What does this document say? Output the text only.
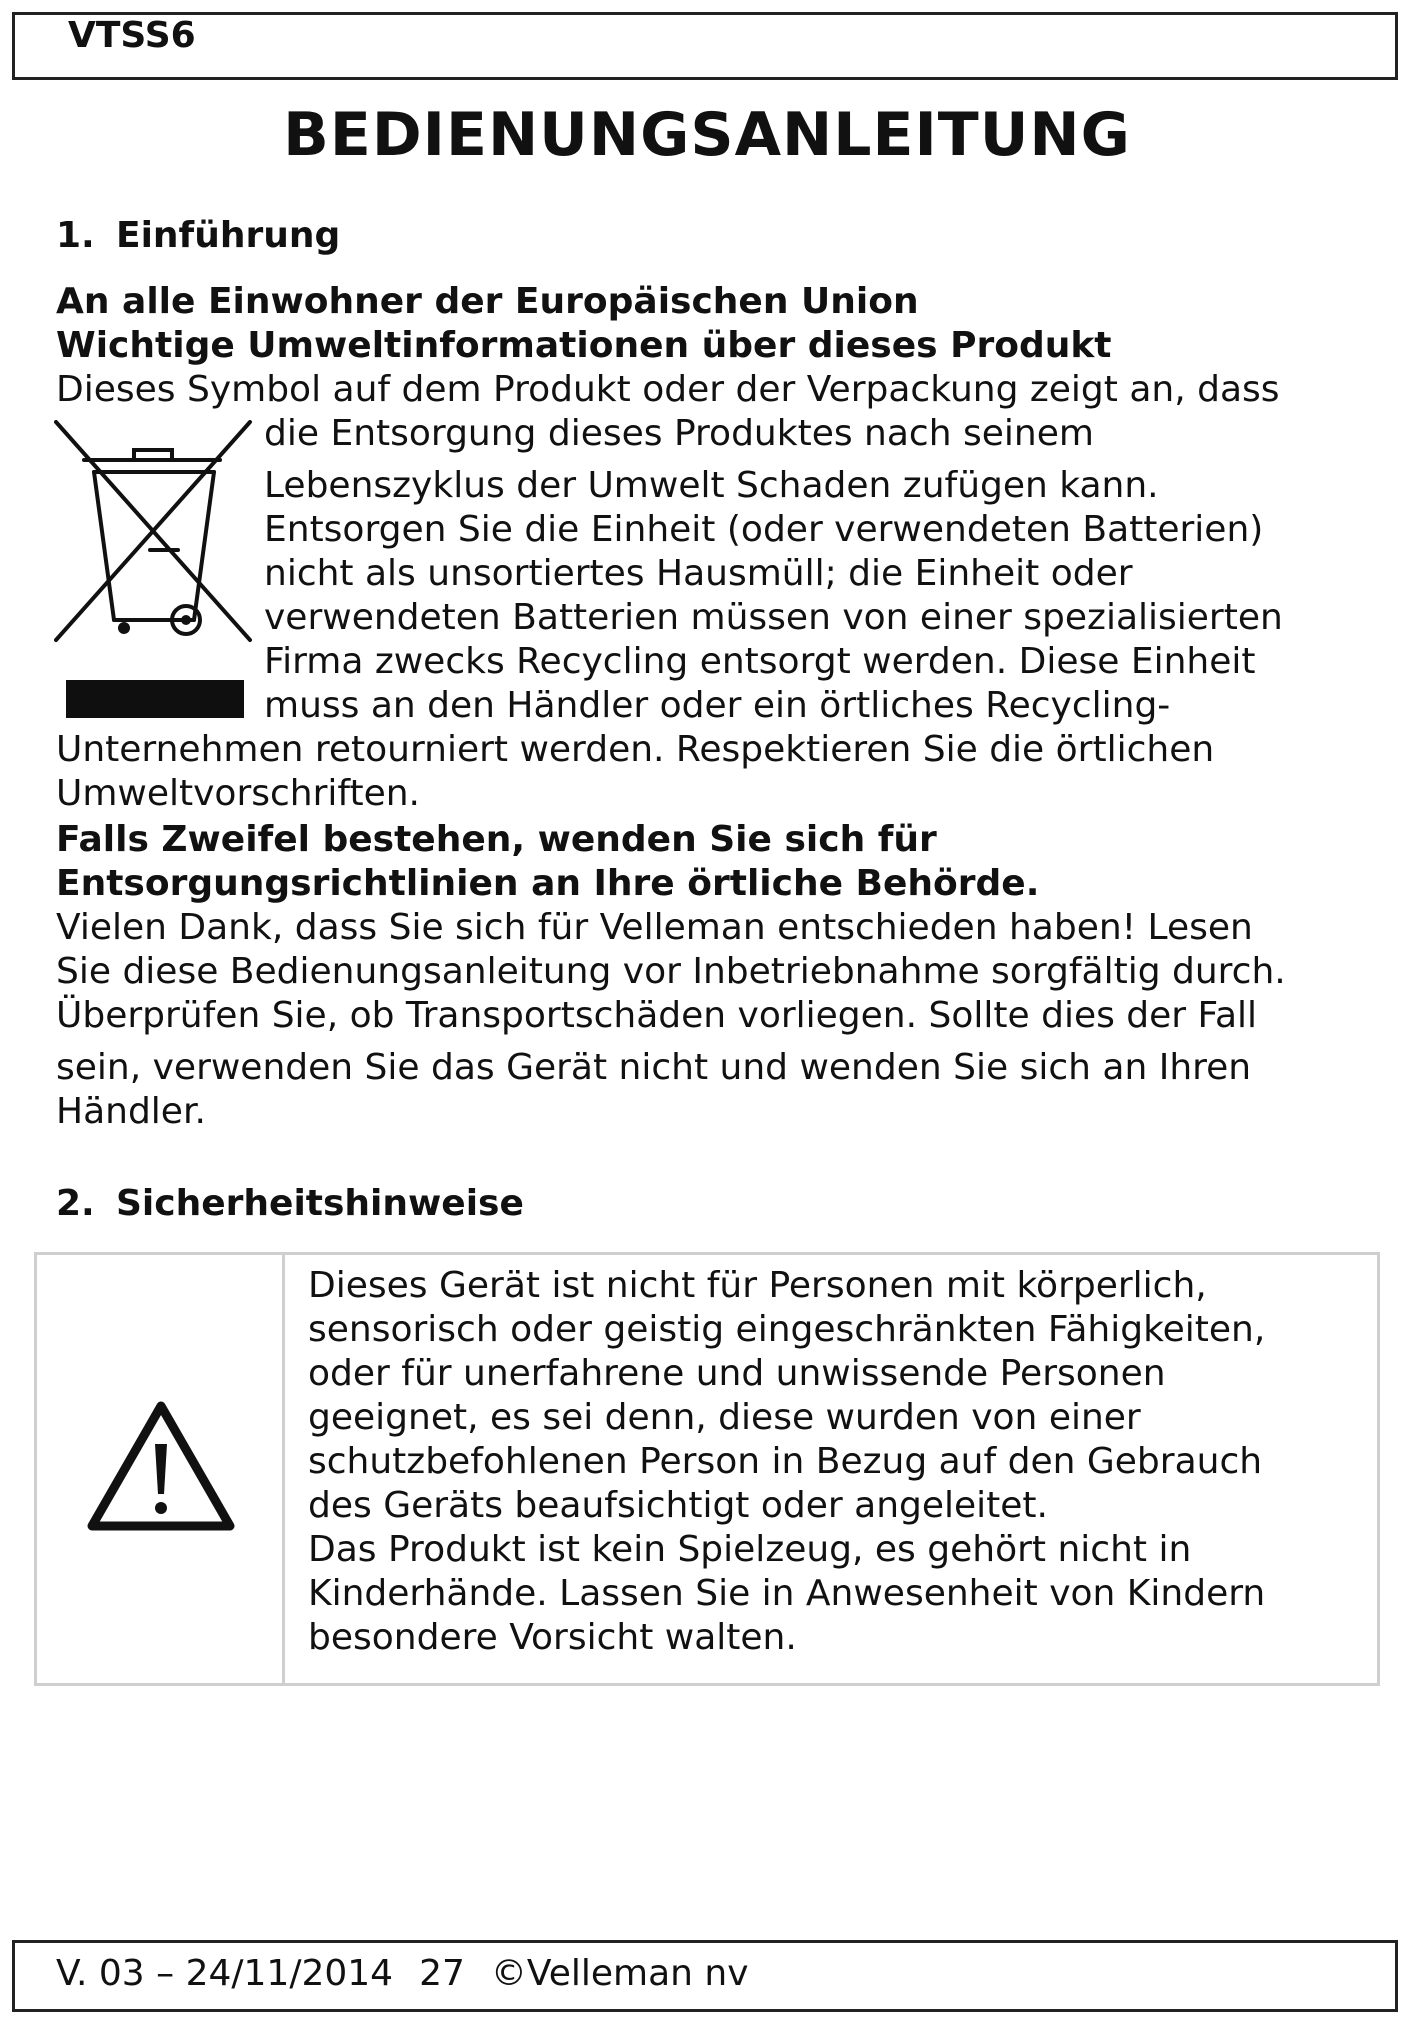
VTSS6
BEDIENUNGSANLEITUNG
1. Einführung
An alle Einwohner der Europäischen Union
Wichtige Umweltinformationen über dieses Produkt
Dieses Symbol auf dem Produkt oder der Verpackung zeigt an, dass
die Entsorgung dieses Produktes nach seinem
Lebenszyklus der Umwelt Schaden zufügen kann.
Entsorgen Sie die Einheit (oder verwendeten Batterien)
nicht als unsortiertes Hausmüll; die Einheit oder
verwendeten Batterien müssen von einer spezialisierten
Firma zwecks Recycling entsorgt werden. Diese Einheit
muss an den Händler oder ein örtliches Recycling-
Unternehmen retourniert werden. Respektieren Sie die örtlichen
Umweltvorschriften.
Falls Zweifel bestehen, wenden Sie sich für
Entsorgungsrichtlinien an Ihre örtliche Behörde.
Vielen Dank, dass Sie sich für Velleman entschieden haben! Lesen
Sie diese Bedienungsanleitung vor Inbetriebnahme sorgfältig durch.
Überprüfen Sie, ob Transportschäden vorliegen. Sollte dies der Fall
sein, verwenden Sie das Gerät nicht und wenden Sie sich an Ihren
Händler.
2. Sicherheitshinweise
Dieses Gerät ist nicht für Personen mit körperlich,
sensorisch oder geistig eingeschränkten Fähigkeiten,
oder für unerfahrene und unwissende Personen
geeignet, es sei denn, diese wurden von einer
schutzbefohlenen Person in Bezug auf den Gebrauch
des Geräts beaufsichtigt oder angeleitet.
Das Produkt ist kein Spielzeug, es gehört nicht in
Kinderhände. Lassen Sie in Anwesenheit von Kindern
besondere Vorsicht walten.
V. 03 – 24/11/2014 27 ©Velleman nv
